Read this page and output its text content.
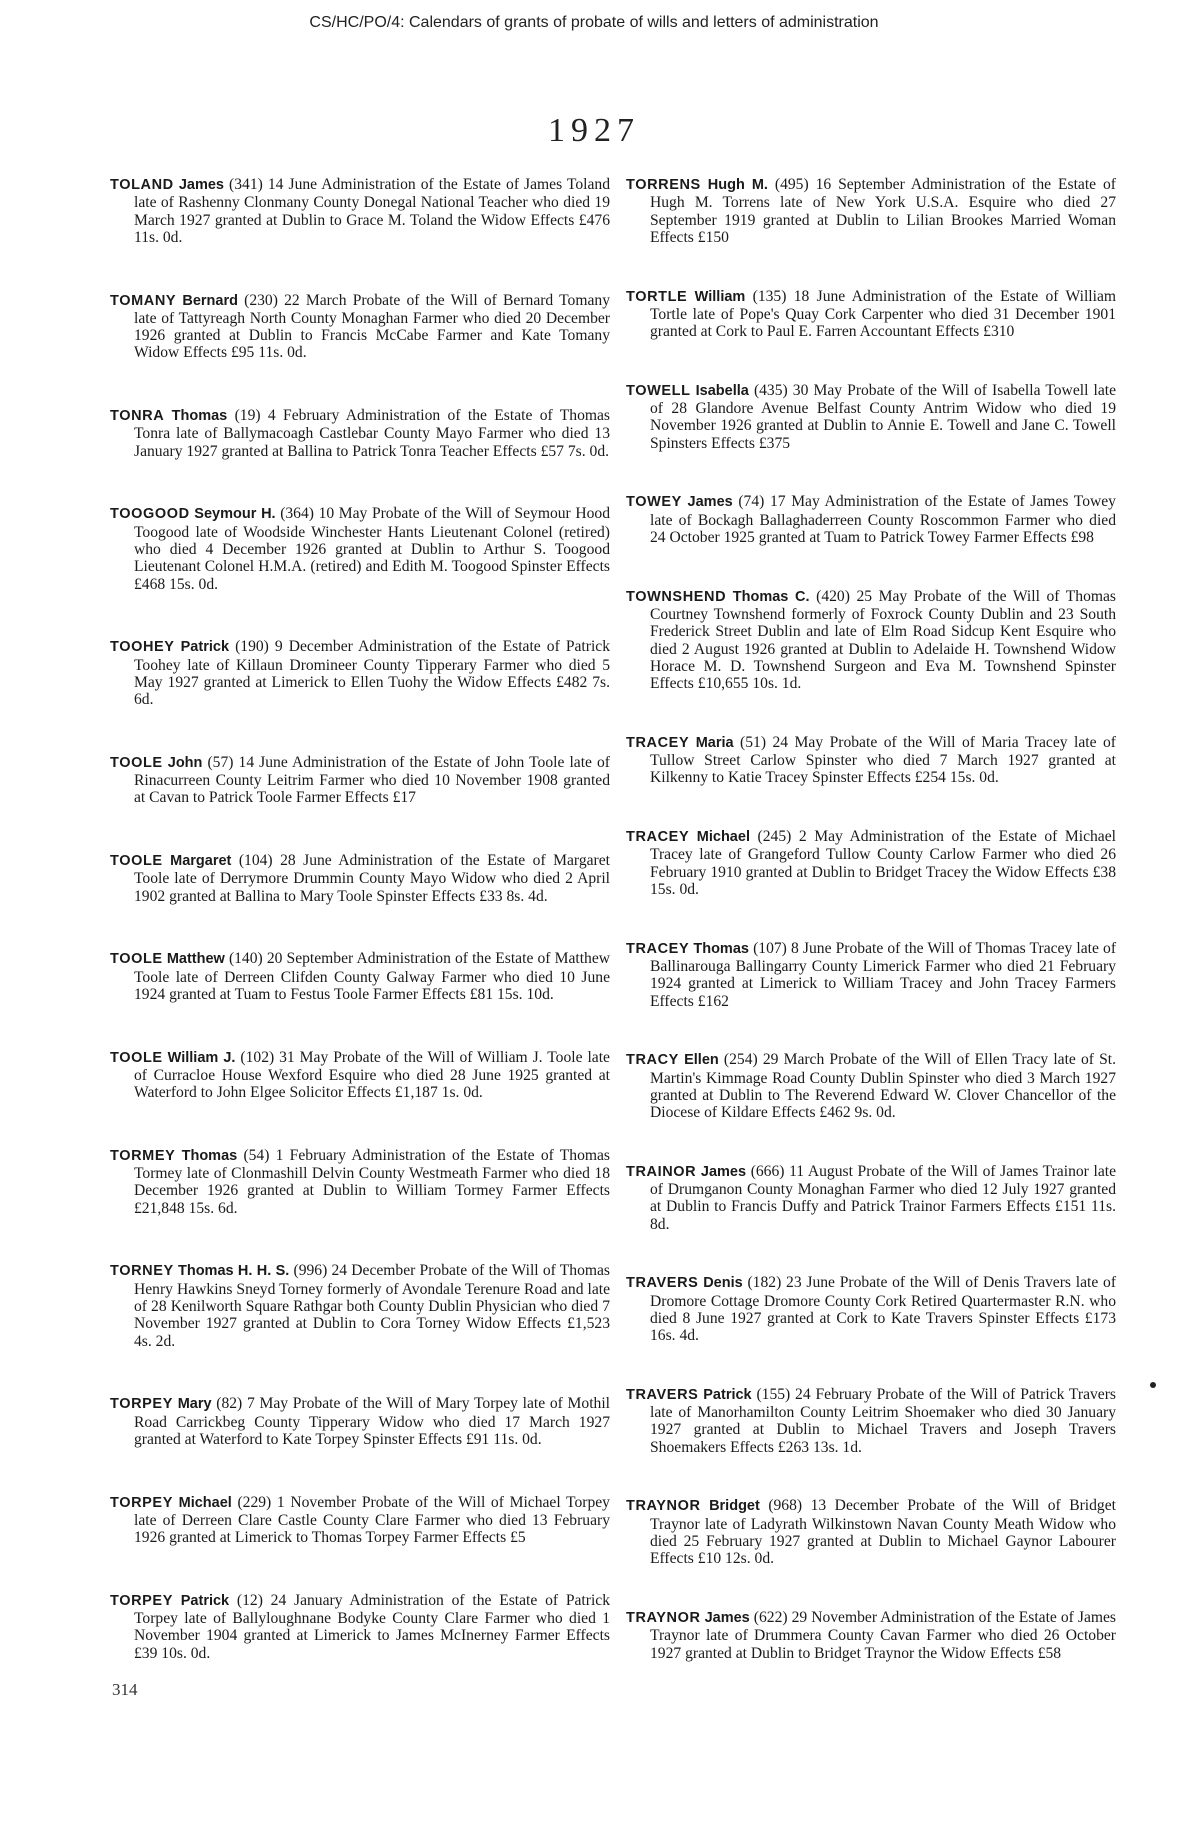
CS/HC/PO/4: Calendars of grants of probate of wills and letters of administration
1927

TOLAND James (341) 14 June Administration of the Estate of James Toland late of Rashenny Clonmany County Donegal National Teacher who died 19 March 1927 granted at Dublin to Grace M. Toland the Widow Effects £476 11s. 0d.

TOMANY Bernard (230) 22 March Probate of the Will of Bernard Tomany late of Tattyreagh North County Monaghan Farmer who died 20 December 1926 granted at Dublin to Francis McCabe Farmer and Kate Tomany Widow Effects £95 11s. 0d.

TONRA Thomas (19) 4 February Administration of the Estate of Thomas Tonra late of Ballymacoagh Castlebar County Mayo Farmer who died 13 January 1927 granted at Ballina to Patrick Tonra Teacher Effects £57 7s. 0d.

TOOGOOD Seymour H. (364) 10 May Probate of the Will of Seymour Hood Toogood late of Woodside Winchester Hants Lieutenant Colonel (retired) who died 4 December 1926 granted at Dublin to Arthur S. Toogood Lieutenant Colonel H.M.A. (retired) and Edith M. Toogood Spinster Effects £468 15s. 0d.

TOOHEY Patrick (190) 9 December Administration of the Estate of Patrick Toohey late of Killaun Dromineer County Tipperary Farmer who died 5 May 1927 granted at Limerick to Ellen Tuohy the Widow Effects £482 7s. 6d.

TOOLE John (57) 14 June Administration of the Estate of John Toole late of Rinacurreen County Leitrim Farmer who died 10 November 1908 granted at Cavan to Patrick Toole Farmer Effects £17

TOOLE Margaret (104) 28 June Administration of the Estate of Margaret Toole late of Derrymore Drummin County Mayo Widow who died 2 April 1902 granted at Ballina to Mary Toole Spinster Effects £33 8s. 4d.

TOOLE Matthew (140) 20 September Administration of the Estate of Matthew Toole late of Derreen Clifden County Galway Farmer who died 10 June 1924 granted at Tuam to Festus Toole Farmer Effects £81 15s. 10d.

TOOLE William J. (102) 31 May Probate of the Will of William J. Toole late of Curracloe House Wexford Esquire who died 28 June 1925 granted at Waterford to John Elgee Solicitor Effects £1,187 1s. 0d.

TORMEY Thomas (54) 1 February Administration of the Estate of Thomas Tormey late of Clonmashill Delvin County Westmeath Farmer who died 18 December 1926 granted at Dublin to William Tormey Farmer Effects £21,848 15s. 6d.

TORNEY Thomas H. H. S. (996) 24 December Probate of the Will of Thomas Henry Hawkins Sneyd Torney formerly of Avondale Terenure Road and late of 28 Kenilworth Square Rathgar both County Dublin Physician who died 7 November 1927 granted at Dublin to Cora Torney Widow Effects £1,523 4s. 2d.

TORPEY Mary (82) 7 May Probate of the Will of Mary Torpey late of Mothil Road Carrickbeg County Tipperary Widow who died 17 March 1927 granted at Waterford to Kate Torpey Spinster Effects £91 11s. 0d.

TORPEY Michael (229) 1 November Probate of the Will of Michael Torpey late of Derreen Clare Castle County Clare Farmer who died 13 February 1926 granted at Limerick to Thomas Torpey Farmer Effects £5

TORPEY Patrick (12) 24 January Administration of the Estate of Patrick Torpey late of Ballyloughnane Bodyke County Clare Farmer who died 1 November 1904 granted at Limerick to James McInerney Farmer Effects £39 10s. 0d.

TORRENS Hugh M. (495) 16 September Administration of the Estate of Hugh M. Torrens late of New York U.S.A. Esquire who died 27 September 1919 granted at Dublin to Lilian Brookes Married Woman Effects £150

TORTLE William (135) 18 June Administration of the Estate of William Tortle late of Pope's Quay Cork Carpenter who died 31 December 1901 granted at Cork to Paul E. Farren Accountant Effects £310

TOWELL Isabella (435) 30 May Probate of the Will of Isabella Towell late of 28 Glandore Avenue Belfast County Antrim Widow who died 19 November 1926 granted at Dublin to Annie E. Towell and Jane C. Towell Spinsters Effects £375

TOWEY James (74) 17 May Administration of the Estate of James Towey late of Bockagh Ballaghaderreen County Roscommon Farmer who died 24 October 1925 granted at Tuam to Patrick Towey Farmer Effects £98

TOWNSHEND Thomas C. (420) 25 May Probate of the Will of Thomas Courtney Townshend formerly of Foxrock County Dublin and 23 South Frederick Street Dublin and late of Elm Road Sidcup Kent Esquire who died 2 August 1926 granted at Dublin to Adelaide H. Townshend Widow Horace M. D. Townshend Surgeon and Eva M. Townshend Spinster Effects £10,655 10s. 1d.

TRACEY Maria (51) 24 May Probate of the Will of Maria Tracey late of Tullow Street Carlow Spinster who died 7 March 1927 granted at Kilkenny to Katie Tracey Spinster Effects £254 15s. 0d.

TRACEY Michael (245) 2 May Administration of the Estate of Michael Tracey late of Grangeford Tullow County Carlow Farmer who died 26 February 1910 granted at Dublin to Bridget Tracey the Widow Effects £38 15s. 0d.

TRACEY Thomas (107) 8 June Probate of the Will of Thomas Tracey late of Ballinarouga Ballingarry County Limerick Farmer who died 21 February 1924 granted at Limerick to William Tracey and John Tracey Farmers Effects £162

TRACY Ellen (254) 29 March Probate of the Will of Ellen Tracy late of St. Martin's Kimmage Road County Dublin Spinster who died 3 March 1927 granted at Dublin to The Reverend Edward W. Clover Chancellor of the Diocese of Kildare Effects £462 9s. 0d.

TRAINOR James (666) 11 August Probate of the Will of James Trainor late of Drumganon County Monaghan Farmer who died 12 July 1927 granted at Dublin to Francis Duffy and Patrick Trainor Farmers Effects £151 11s. 8d.

TRAVERS Denis (182) 23 June Probate of the Will of Denis Travers late of Dromore Cottage Dromore County Cork Retired Quartermaster R.N. who died 8 June 1927 granted at Cork to Kate Travers Spinster Effects £173 16s. 4d.

TRAVERS Patrick (155) 24 February Probate of the Will of Patrick Travers late of Manorhamilton County Leitrim Shoemaker who died 30 January 1927 granted at Dublin to Michael Travers and Joseph Travers Shoemakers Effects £263 13s. 1d.

TRAYNOR Bridget (968) 13 December Probate of the Will of Bridget Traynor late of Ladyrath Wilkinstown Navan County Meath Widow who died 25 February 1927 granted at Dublin to Michael Gaynor Labourer Effects £10 12s. 0d.

TRAYNOR James (622) 29 November Administration of the Estate of James Traynor late of Drummera County Cavan Farmer who died 26 October 1927 granted at Dublin to Bridget Traynor the Widow Effects £58

314
